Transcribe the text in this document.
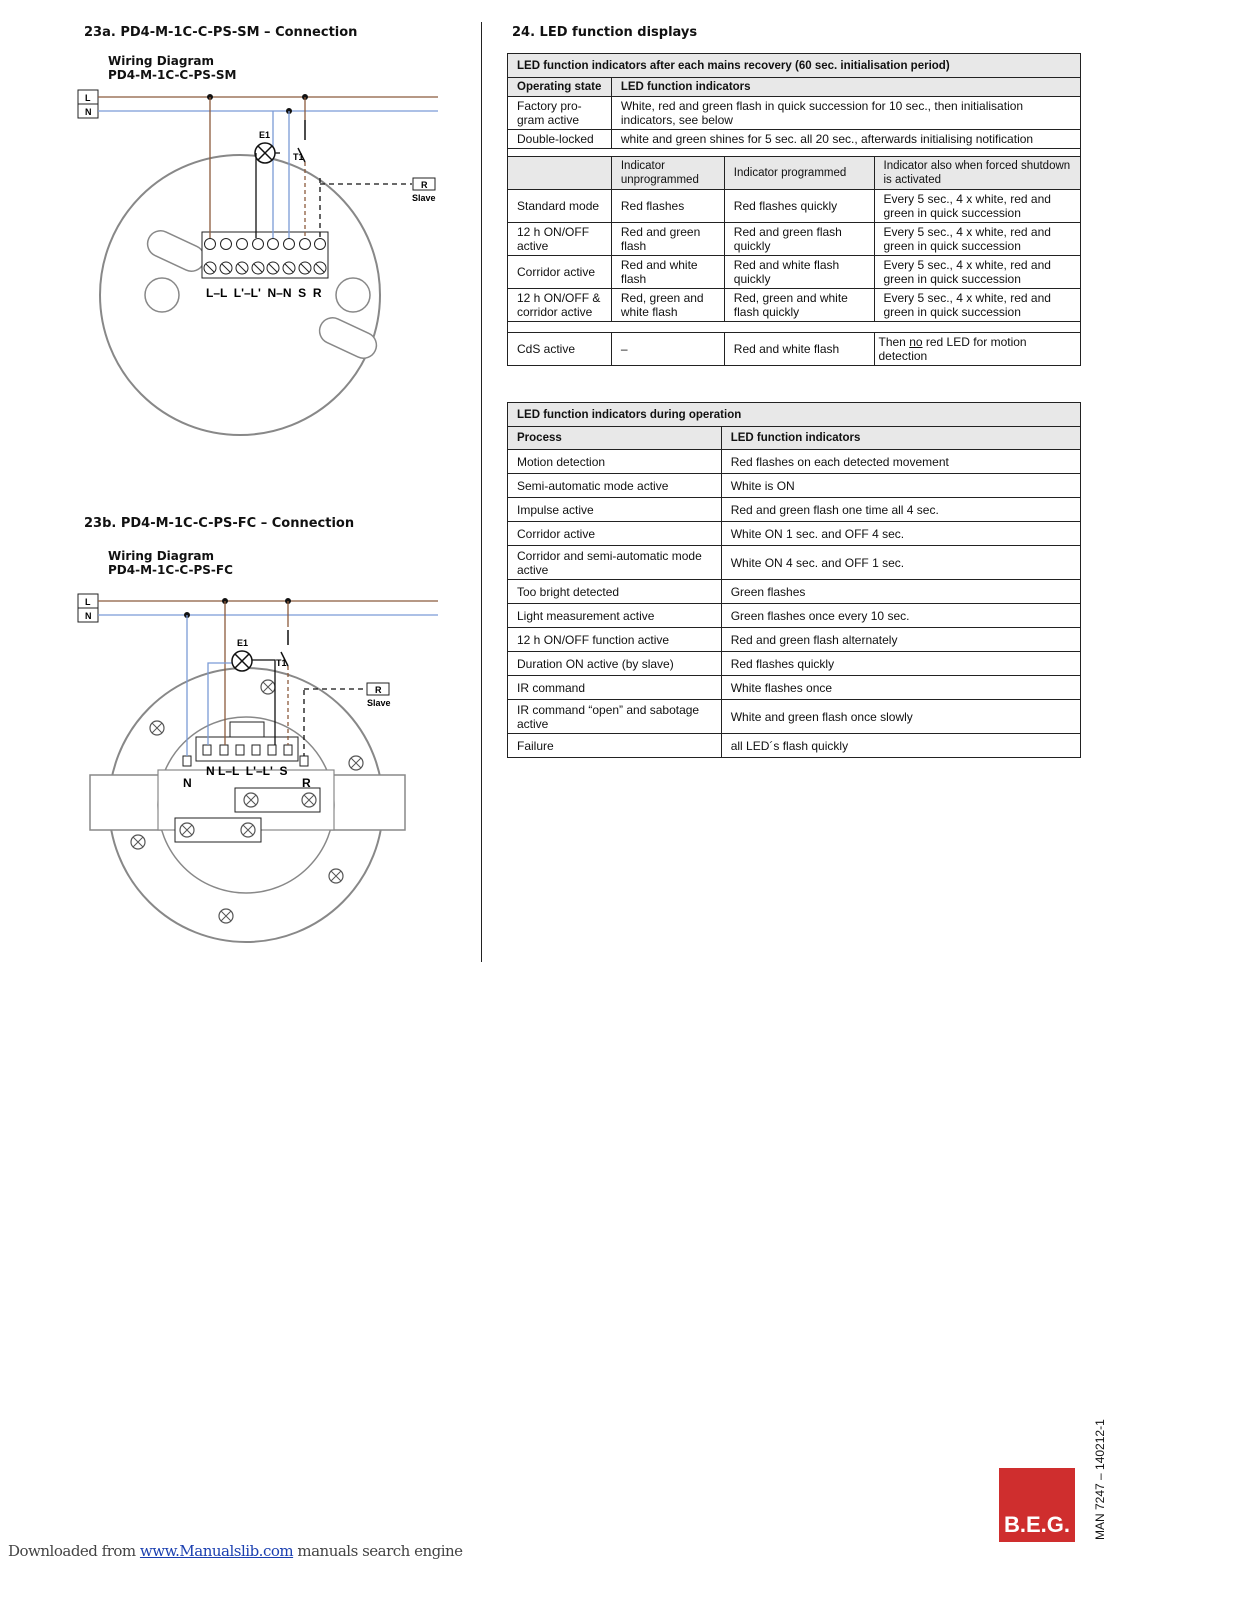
23a. PD4-M-1C-C-PS-SM – Connection
Wiring Diagram
PD4-M-1C-C-PS-SM
L
N
L–L  L'–L'  N–N  S  R
E1
T1
R
Slave
23b. PD4-M-1C-C-PS-FC – Connection
Wiring Diagram
PD4-M-1C-C-PS-FC
L
N
N L–L  L'–L'  S
N	R
E1
T1
R
Slave
24. LED function displays
LED function indicators after each mains recovery (60 sec. initialisation period)			
Operating state	LED function indicators		
Factory pro-gram active	White, red and green flash in quick succession for 10 sec., then initialisation indicators, see below		
Double-locked	white and green shines for 5 sec. all 20 sec., afterwards initialising notification		

	Indicator unprogrammed	Indicator programmed	Indicator also when forced shutdown is activated
Standard mode	Red flashes	Red flashes quickly	Every 5 sec., 4 x white, red and green in quick succession
12 h ON/OFF active	Red and green flash	Red and green flash quickly	Every 5 sec., 4 x white, red and green in quick succession
Corridor active	Red and white flash	Red and white flash quickly	Every 5 sec., 4 x white, red and green in quick succession
12 h ON/OFF & corridor active	Red, green and white flash	Red, green and white flash quickly	Every 5 sec., 4 x white, red and green in quick succession

CdS active	–	Red and white flash	Then no red LED for motion detection
LED function indicators during operation	
Process	LED function indicators
Motion detection	Red flashes on each detected movement
Semi-automatic mode active	White is ON
Impulse active	Red and green flash one time all 4 sec.
Corridor active	White ON 1 sec. and OFF 4 sec.
Corridor and semi-automatic mode active	White ON 4 sec. and OFF 1 sec.
Too bright detected	Green flashes
Light measurement active	Green flashes once every 10 sec.
12 h ON/OFF function active	Red and green flash alternately
Duration ON active (by slave)	Red flashes quickly
IR command	White flashes once
IR command “open” and sabotage active	White and green flash once slowly
Failure	all LED´s flash quickly
B.E.G. MAN 7247 – 140212-1
Downloaded from www.Manualslib.com manuals search engine
